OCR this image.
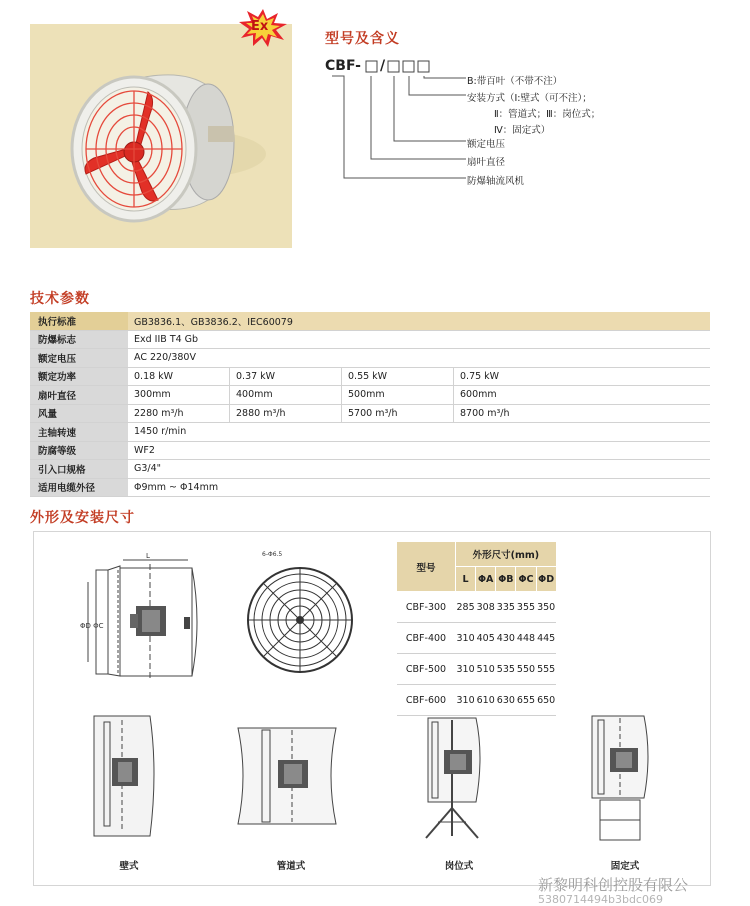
Ex
型号及含义
CBF- /
B:带百叶（不带不注）
安装方式（Ⅰ:壁式（可不注）；
Ⅱ：管道式；Ⅲ：岗位式；
Ⅳ：固定式）
额定电压
扇叶直径
防爆轴流风机
技术参数
执行标准	GB3836.1、GB3836.2、IEC60079			
防爆标志	Exd IIB T4 Gb			
额定电压	AC 220/380V			
额定功率	0.18 kW	0.37 kW	0.55 kW	0.75 kW
扇叶直径	300mm	400mm	500mm	600mm
风量	2280 m³/h	2880 m³/h	5700 m³/h	8700 m³/h
主轴转速	1450 r/min			
防腐等级	WF2			
引入口规格	G3/4"			
适用电缆外径	Φ9mm ~ Φ14mm			
外形及安装尺寸
ΦD ΦC
L	6-Φ6.5
型号	外形尺寸(mm)				
	L	ΦA	ΦB	ΦC	ΦD
CBF-300	285	308	335	355	350
CBF-400	310	405	430	448	445
CBF-500	310	510	535	550	555
CBF-600	310	610	630	655	650
壁式	管道式	岗位式	固定式
新黎明科创控股有限公
5380714494b3bdc069
